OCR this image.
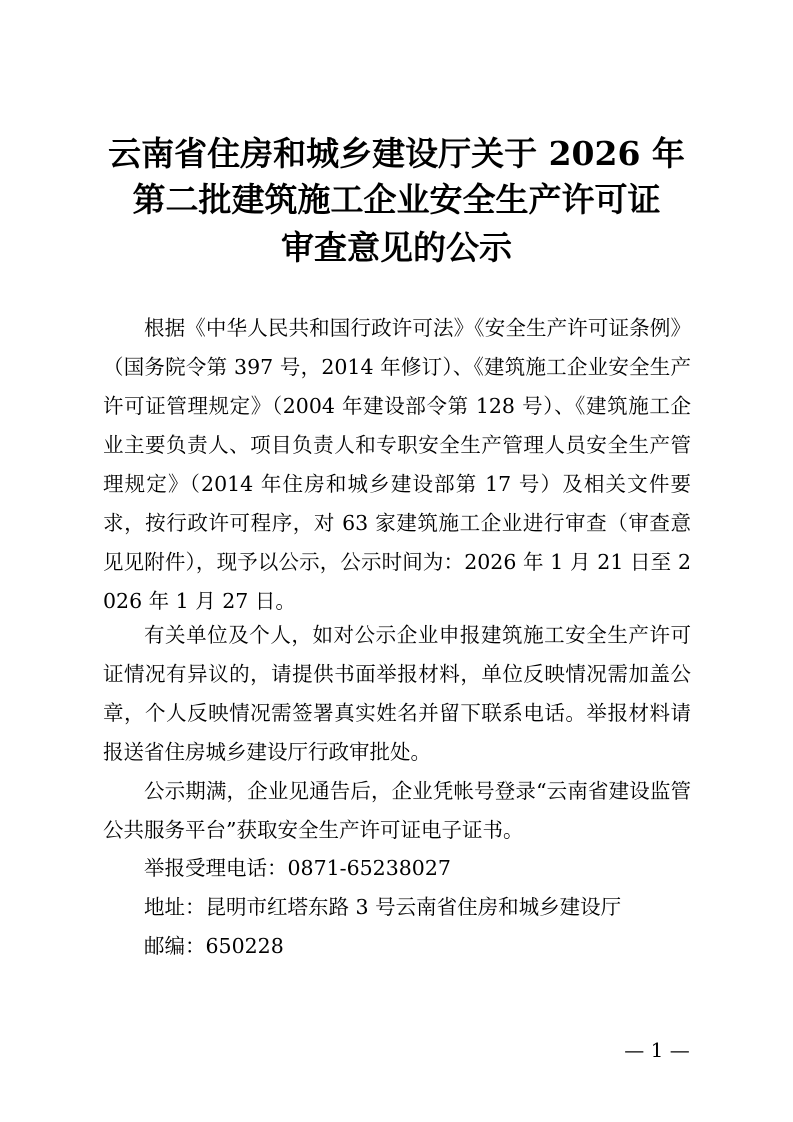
云南省住房和城乡建设厅关于 2026 年
第二批建筑施工企业安全生产许可证
审查意见的公示

根据《中华人民共和国行政许可法》《安全生产许可证条例》（国务院令第 397 号，2014 年修订）、《建筑施工企业安全生产许可证管理规定》（2004 年建设部令第 128 号）、《建筑施工企业主要负责人、项目负责人和专职安全生产管理人员安全生产管理规定》（2014 年住房和城乡建设部第 17 号）及相关文件要求，按行政许可程序，对 63 家建筑施工企业进行审查（审查意见见附件），现予以公示，公示时间为：2026 年 1 月 21 日至 2026 年 1 月 27 日。

有关单位及个人，如对公示企业申报建筑施工安全生产许可证情况有异议的，请提供书面举报材料，单位反映情况需加盖公章，个人反映情况需签署真实姓名并留下联系电话。举报材料请报送省住房城乡建设厅行政审批处。

公示期满，企业见通告后，企业凭帐号登录“云南省建设监管公共服务平台”获取安全生产许可证电子证书。

举报受理电话：0871-65238027
地址：昆明市红塔东路 3 号云南省住房和城乡建设厅
邮编：650228
— 1 —
